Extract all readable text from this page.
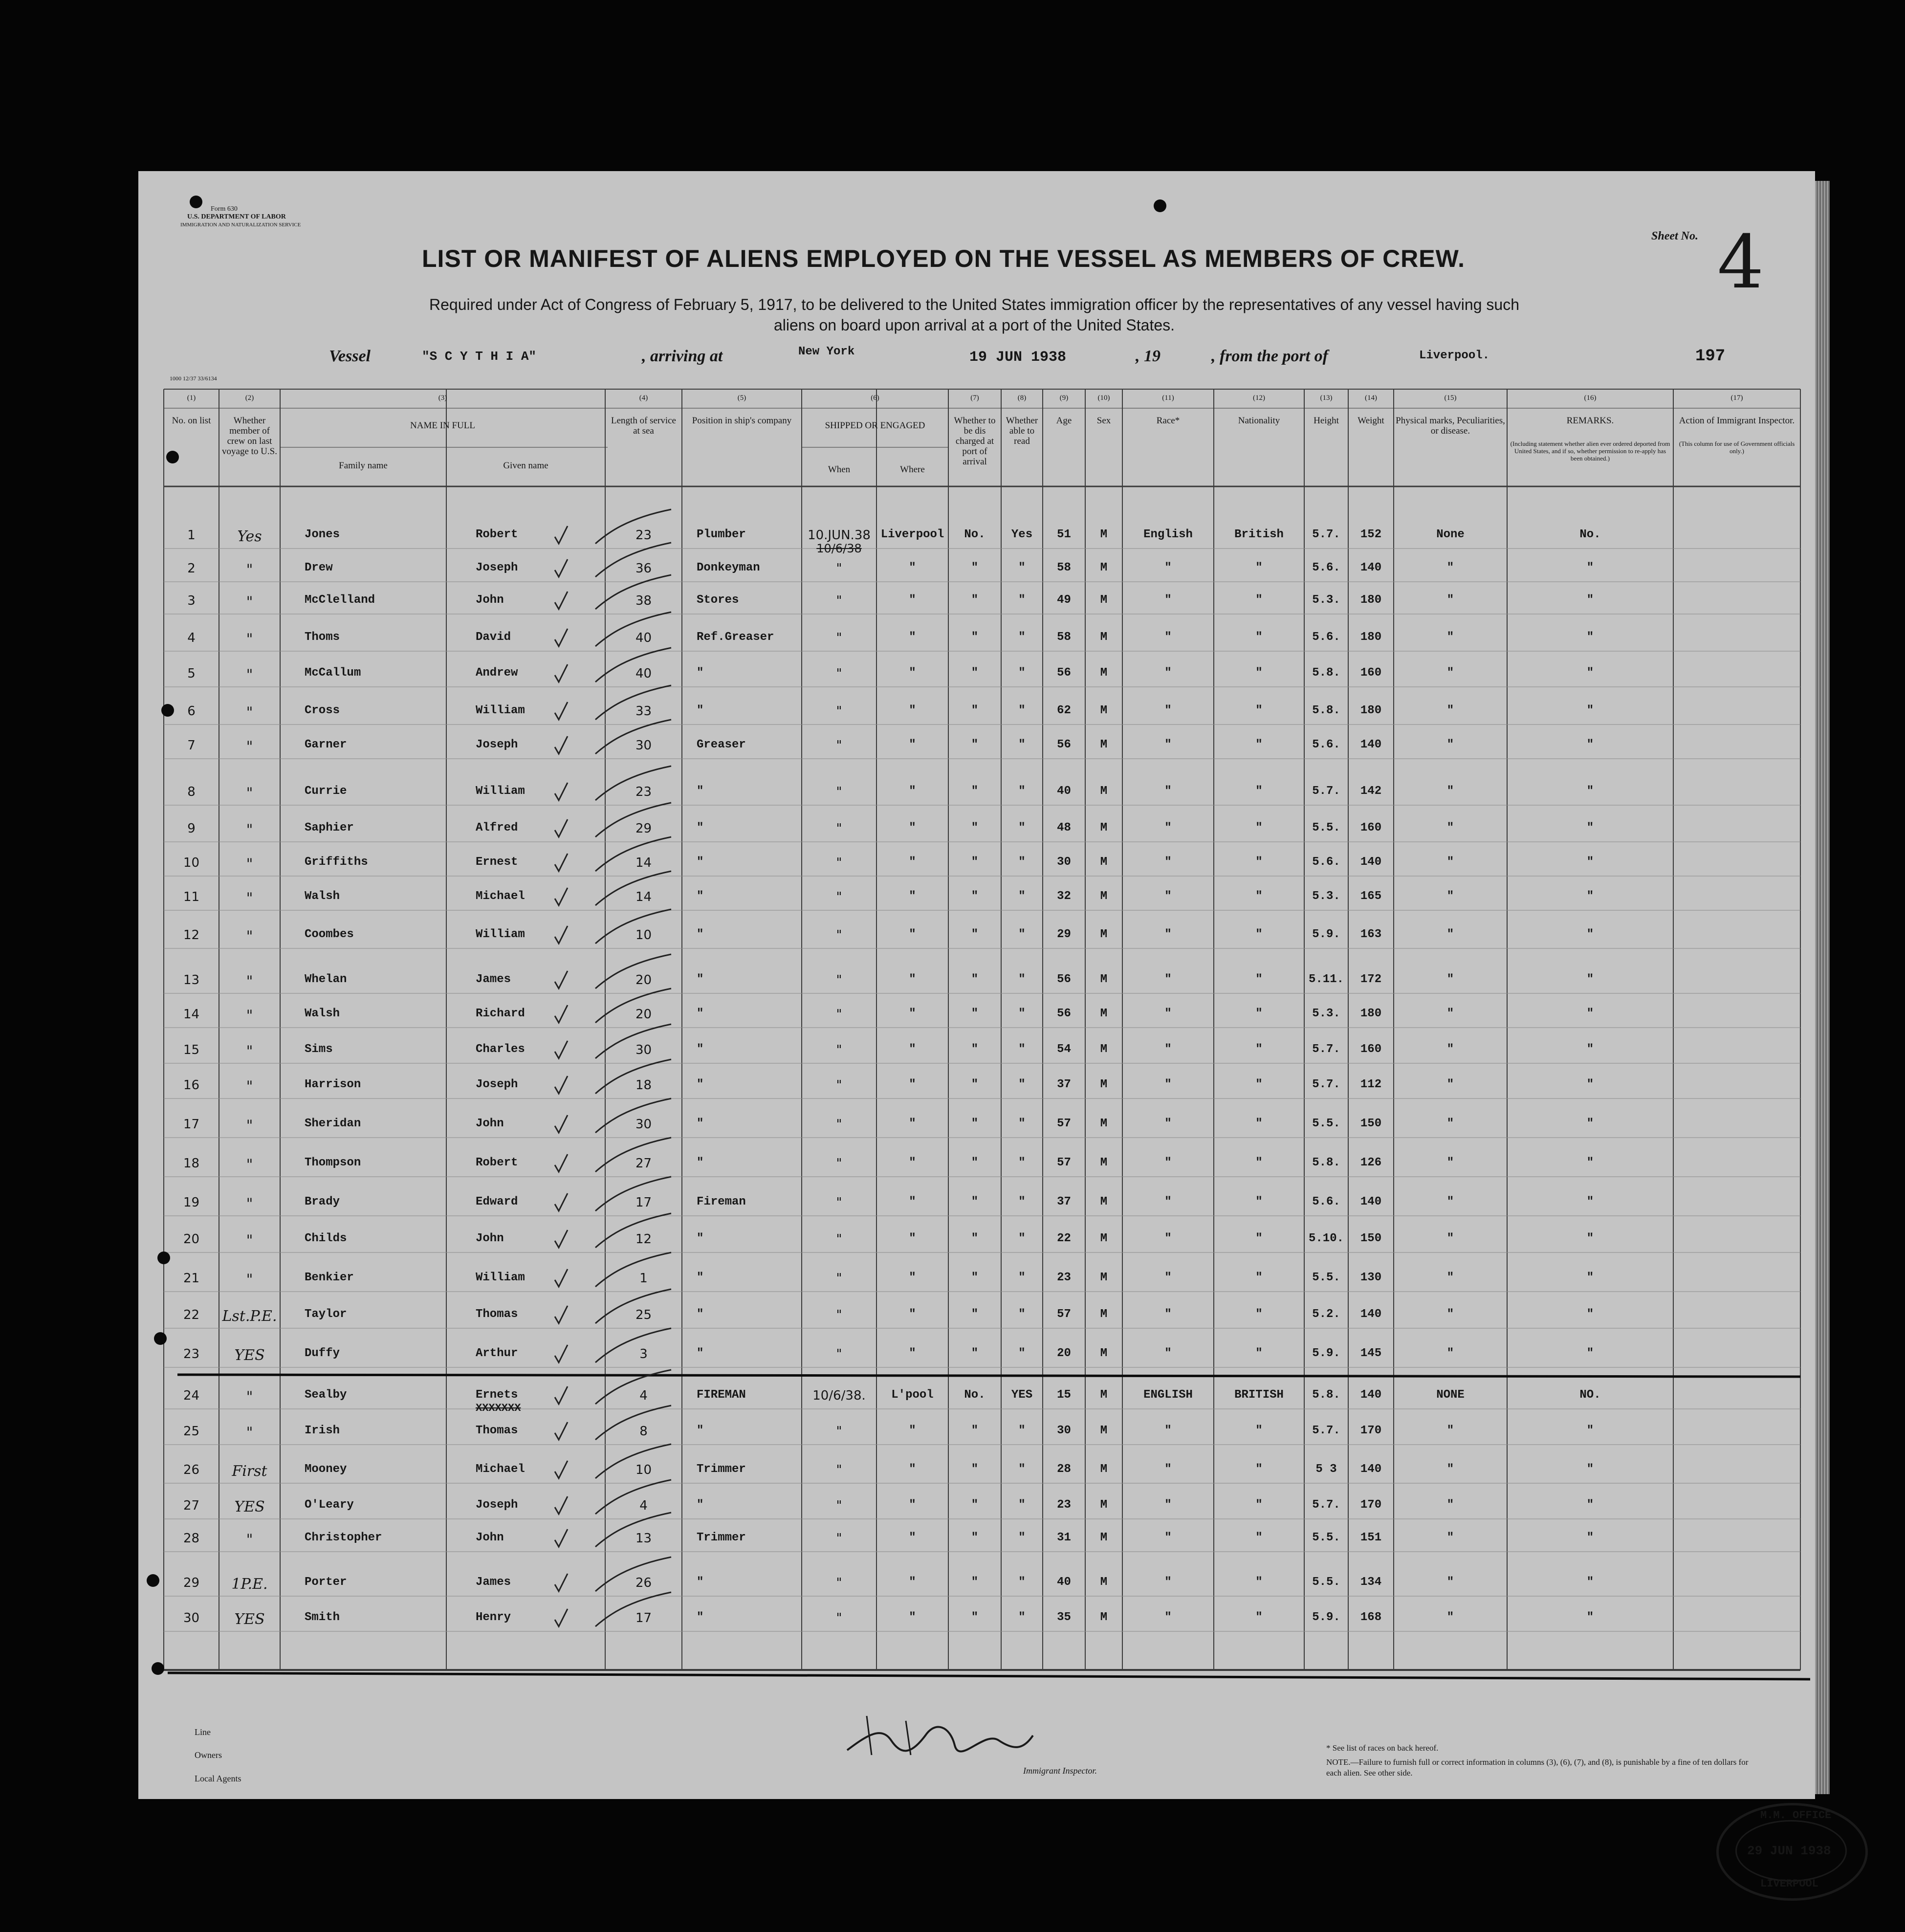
Form 630
U.S. DEPARTMENT OF LABOR
IMMIGRATION AND NATURALIZATION SERVICE
1000 12/37 33/6134
Sheet No. 4
LIST OR MANIFEST OF ALIENS EMPLOYED ON THE VESSEL AS MEMBERS OF CREW.
Required under Act of Congress of February 5, 1917, to be delivered to the United States immigration officer by the representatives of any vessel having such
aliens on board upon arrival at a port of the United States.
Vessel	"S C Y T H I A"	, arriving at	New York	19 JUN 1938	, 19	, from the port of	Liverpool.	197
(1)
No. on list
(2)
Whether member of crew on last voyage to U.S.
(3)
NAME IN FULL
(4)
Length of service at sea
(5)
Position in ship's company
(6)
SHIPPED OR ENGAGED
(7)
Whether to be dis charged at port of arrival
(8)
Whether able to read
(9)
Age
(10)
Sex
(11)
Race*
(12)
Nationality
(13)
Height
(14)
Weight
(15)
Physical marks, Peculiarities, or disease.
(16)
REMARKS.
(Including statement whether alien ever ordered deported from United States, and if so, whether permission to re-apply has been obtained.)
(17)
Action of Immigrant Inspector.
(This column for use of Government officials only.)
Family name	Given name	When	Where
1	Yes	Jones	Robert	23	Plumber	10.JUN.38 Liverpool	No.	Yes	51	M	English	British	5.7.	152	None	No.
10/6/38
2	"	Drew	Joseph	36	Donkeyman	"	"	"	"	58	M	"	"	5.6.	140	"	"
3	"	McClelland	John	38	Stores	"	"	"	"	49	M	"	"	5.3.	180	"	"
4	"	Thoms	David	40	Ref.Greaser	"	"	"	"	58	M	"	"	5.6.	180	"	"
5	"	McCallum	Andrew	40	"	"	"	"	"	56	M	"	"	5.8.	160	"	"
6	"	Cross	William	33	"	"	"	"	"	62	M	"	"	5.8.	180	"	"
7	"	Garner	Joseph	30	Greaser	"	"	"	"	56	M	"	"	5.6.	140	"	"
8	"	Currie	William	23	"	"	"	"	"	40	M	"	"	5.7.	142	"	"
9	"	Saphier	Alfred	29	"	"	"	"	"	48	M	"	"	5.5.	160	"	"
10	"	Griffiths	Ernest	14	"	"	"	"	"	30	M	"	"	5.6.	140	"	"
11	"	Walsh	Michael	14	"	"	"	"	"	32	M	"	"	5.3.	165	"	"
12	"	Coombes	William	10	"	"	"	"	"	29	M	"	"	5.9.	163	"	"
13	"	Whelan	James	20	"	"	"	"	"	56	M	"	"	5.11.	172	"	"
14	"	Walsh	Richard	20	"	"	"	"	"	56	M	"	"	5.3.	180	"	"
15	"	Sims	Charles	30	"	"	"	"	"	54	M	"	"	5.7.	160	"	"
16	"	Harrison	Joseph	18	"	"	"	"	"	37	M	"	"	5.7.	112	"	"
17	"	Sheridan	John	30	"	"	"	"	"	57	M	"	"	5.5.	150	"	"
18	"	Thompson	Robert	27	"	"	"	"	"	57	M	"	"	5.8.	126	"	"
19	"	Brady	Edward	17	Fireman	"	"	"	"	37	M	"	"	5.6.	140	"	"
20	"	Childs	John	12	"	"	"	"	"	22	M	"	"	5.10.	150	"	"
21	"	Benkier	William	1	"	"	"	"	"	23	M	"	"	5.5.	130	"	"
22	Lst.P.E.	Taylor	Thomas	25	"	"	"	"	"	57	M	"	"	5.2.	140	"	"
23	YES	Duffy	Arthur	3	"	"	"	"	"	20	M	"	"	5.9.	145	"	"
24	"	Sealby	Ernets	4	FIREMAN	10/6/38.	L'pool	No.	YES	15	M	ENGLISH	BRITISH	5.8.	140	NONE	NO.
XXXXXXX
25	"	Irish	Thomas	8	"	"	"	"	"	30	M	"	"	5.7.	170	"	"
26	First	Mooney	Michael	10	Trimmer	"	"	"	"	28	M	"	"	5 3	140	"	"
27	YES	O'Leary	Joseph	4	"	"	"	"	"	23	M	"	"	5.7.	170	"	"
28	"	Christopher	John	13	Trimmer	"	"	"	"	31	M	"	"	5.5.	151	"	"
29	1P.E.	Porter	James	26	"	"	"	"	"	40	M	"	"	5.5.	134	"	"
30	YES	Smith	Henry	17	"	"	"	"	"	35	M	"	"	5.9.	168	"	"
Line
Owners
Local Agents
Immigrant Inspector.
* See list of races on back hereof.
NOTE.—Failure to furnish full or correct information in columns (3), (6), (7), and (8), is punishable by a fine of ten dollars for each alien. See other side.
M.M. OFFICE
29 JUN 1938
LIVERPOOL
